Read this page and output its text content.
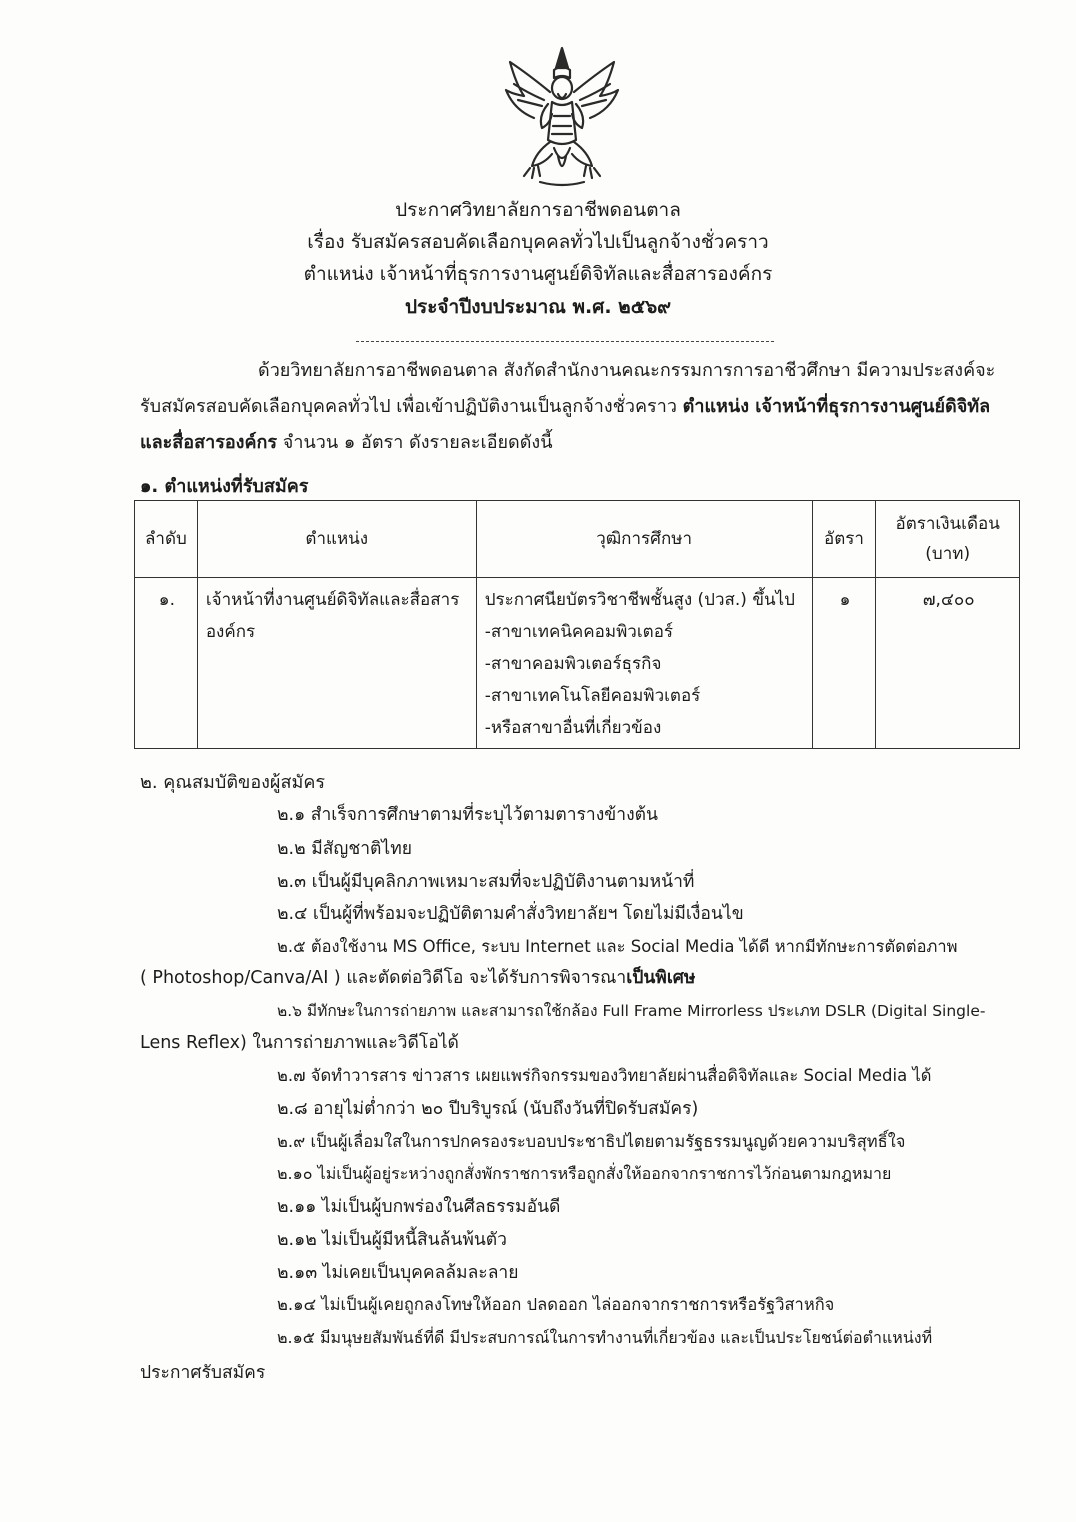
ประกาศวิทยาลัยการอาชีพดอนตาล
เรื่อง รับสมัครสอบคัดเลือกบุคคลทั่วไปเป็นลูกจ้างชั่วคราว
ตำแหน่ง เจ้าหน้าที่ธุรการงานศูนย์ดิจิทัลและสื่อสารองค์กร
ประจำปีงบประมาณ พ.ศ. ๒๕๖๙
ด้วยวิทยาลัยการอาชีพดอนตาล สังกัดสำนักงานคณะกรรมการการอาชีวศึกษา มีความประสงค์จะ
รับสมัครสอบคัดเลือกบุคคลทั่วไป เพื่อเข้าปฏิบัติงานเป็นลูกจ้างชั่วคราว ตำแหน่ง เจ้าหน้าที่ธุรการงานศูนย์ดิจิทัล
และสื่อสารองค์กร จำนวน ๑ อัตรา ดังรายละเอียดดังนี้
๑. ตำแหน่งที่รับสมัคร
ลำดับ	ตำแหน่ง	วุฒิการศึกษา	อัตรา	อัตราเงินเดือน
(บาท)

๑.	เจ้าหน้าที่งานศูนย์ดิจิทัลและสื่อสาร
องค์กร	ประกาศนียบัตรวิชาชีพชั้นสูง (ปวส.) ขึ้นไป
-สาขาเทคนิคคอมพิวเตอร์
-สาขาคอมพิวเตอร์ธุรกิจ
-สาขาเทคโนโลยีคอมพิวเตอร์
-หรือสาขาอื่นที่เกี่ยวข้อง	๑	๗,๔๐๐
๒. คุณสมบัติของผู้สมัคร
๒.๑ สำเร็จการศึกษาตามที่ระบุไว้ตามตารางข้างต้น
๒.๒ มีสัญชาติไทย
๒.๓ เป็นผู้มีบุคลิกภาพเหมาะสมที่จะปฏิบัติงานตามหน้าที่
๒.๔ เป็นผู้ที่พร้อมจะปฏิบัติตามคำสั่งวิทยาลัยฯ โดยไม่มีเงื่อนไข
๒.๕ ต้องใช้งาน MS Office, ระบบ Internet และ Social Media ได้ดี หากมีทักษะการตัดต่อภาพ
( Photoshop/Canva/AI ) และตัดต่อวิดีโอ จะได้รับการพิจารณาเป็นพิเศษ
๒.๖ มีทักษะในการถ่ายภาพ และสามารถใช้กล้อง Full Frame Mirrorless ประเภท DSLR (Digital Single-
Lens Reflex) ในการถ่ายภาพและวิดีโอได้
๒.๗ จัดทำวารสาร ข่าวสาร เผยแพร่กิจกรรมของวิทยาลัยผ่านสื่อดิจิทัลและ Social Media ได้
๒.๘ อายุไม่ต่ำกว่า ๒๐ ปีบริบูรณ์ (นับถึงวันที่ปิดรับสมัคร)
๒.๙ เป็นผู้เลื่อมใสในการปกครองระบอบประชาธิปไตยตามรัฐธรรมนูญด้วยความบริสุทธิ์ใจ
๒.๑๐ ไม่เป็นผู้อยู่ระหว่างถูกสั่งพักราชการหรือถูกสั่งให้ออกจากราชการไว้ก่อนตามกฎหมาย
๒.๑๑ ไม่เป็นผู้บกพร่องในศีลธรรมอันดี
๒.๑๒ ไม่เป็นผู้มีหนี้สินล้นพ้นตัว
๒.๑๓ ไม่เคยเป็นบุคคลล้มละลาย
๒.๑๔ ไม่เป็นผู้เคยถูกลงโทษให้ออก ปลดออก ไล่ออกจากราชการหรือรัฐวิสาหกิจ
๒.๑๕ มีมนุษยสัมพันธ์ที่ดี มีประสบการณ์ในการทำงานที่เกี่ยวข้อง และเป็นประโยชน์ต่อตำแหน่งที่
ประกาศรับสมัคร
